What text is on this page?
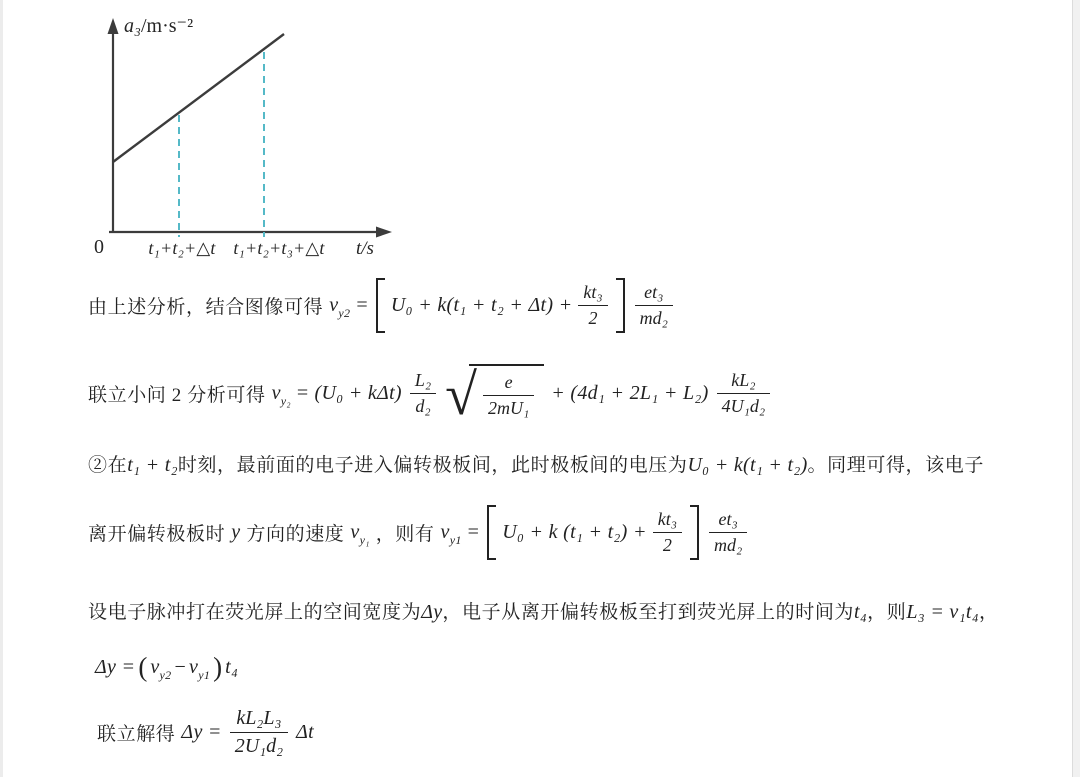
a₃/m·s⁻²
0	t₁+t₂+△t t₁+t₂+t₃+△t	t/s
由上述分析，结合图像可得 $v_{y2} = U_0 + k(t_1 + t_2 + \Delta t) + \frac{\text{kt₃}}{2} \frac{\text{et₃}}{\text{md₂}}$
联立小问 2 分析可得 $v_{y_2} = (U_0 + k\Delta t) \frac{\text{L₂}}{\text{d₂}}$ √ $\frac{e}{\text{2mU₁}} + (4d_1 + 2L_1 + L_2) \frac{\text{kL₂}}{\text{4U₁d₂}}$
②在t₁ + t₂时刻，最前面的电子进入偏转极板间，此时极板间的电压为U₀ + k(t₁ + t₂)。同理可得，该电子
离开偏转极板时 y 方向的速度 $v_{y_1}$ ，则有 $v_{y1} = U_0 + k$ $(t_1 + t_2) + \frac{\text{kt₃}}{2} \frac{\text{et₃}}{\text{md₂}}$
设电子脉冲打在荧光屏上的空间宽度为Δy，电子从离开偏转极板至打到荧光屏上的时间为t₄，则L₃ = v₁t₄，
Δy = ( $v_{y2} - v_{y1}$ ) t₄
联立解得 $\Delta y = \frac{\text{kL₂L₃}}{\text{2U₁d₂}}$ Δt
